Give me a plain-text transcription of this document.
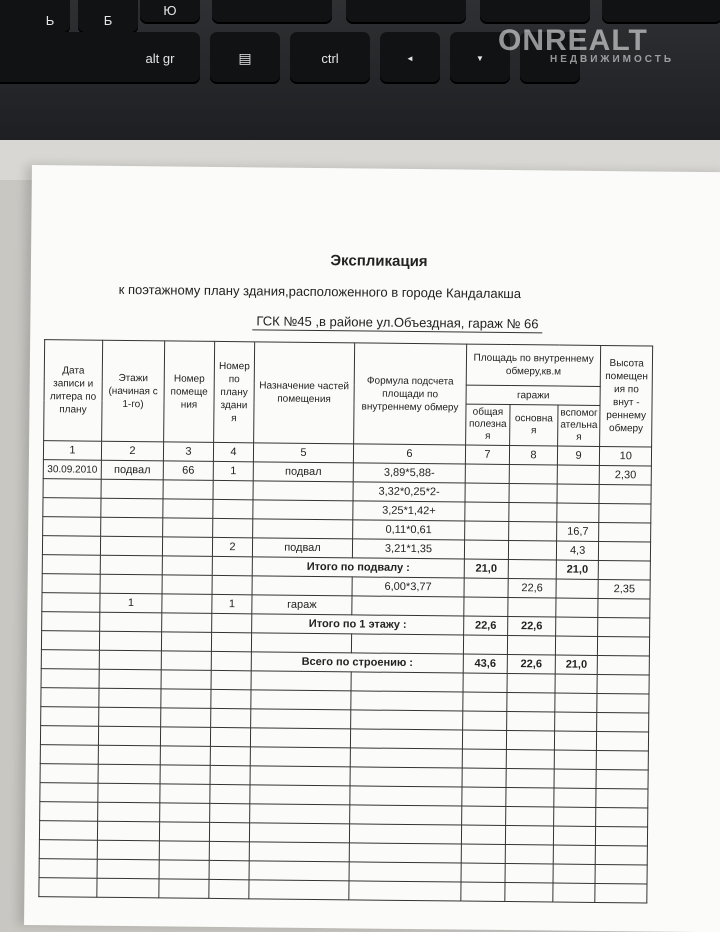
Ь	Б
Ю
alt gr	▤	ctrl	◄	▼
ONREALT
НЕДВИЖИМОСТЬ
Экспликация
к поэтажному плану здания,расположенного в городе Кандалакша
ГСК №45 ,в районе ул.Объездная, гараж № 66
Дата записи и литера по плану	Этажи (начиная с 1-го)	Номер помеще ния	Номер по плану здани я	Назначение частей помещения	Формула подсчета площади по внутреннему обмеру	Площадь по внутреннему обмеру,кв.м			Высота помещен ия по внут - реннему обмеру
						гаражи			
						общая полезна я	основна я	вспомог ательна я	
1	2	3	4	5	6	7	8	9	10
30.09.2010	подвал	66	1	подвал	3,89*5,88-				2,30
					3,32*0,25*2-				
					3,25*1,42+				
					0,11*0,61			16,7	
			2	подвал	3,21*1,35			4,3	
				Итого по подвалу :		21,0		21,0	
					6,00*3,77		22,6		2,35
	1		1	гараж					
				Итого по 1 этажу :		22,6	22,6		

				Всего по строению :		43,6	22,6	21,0	
